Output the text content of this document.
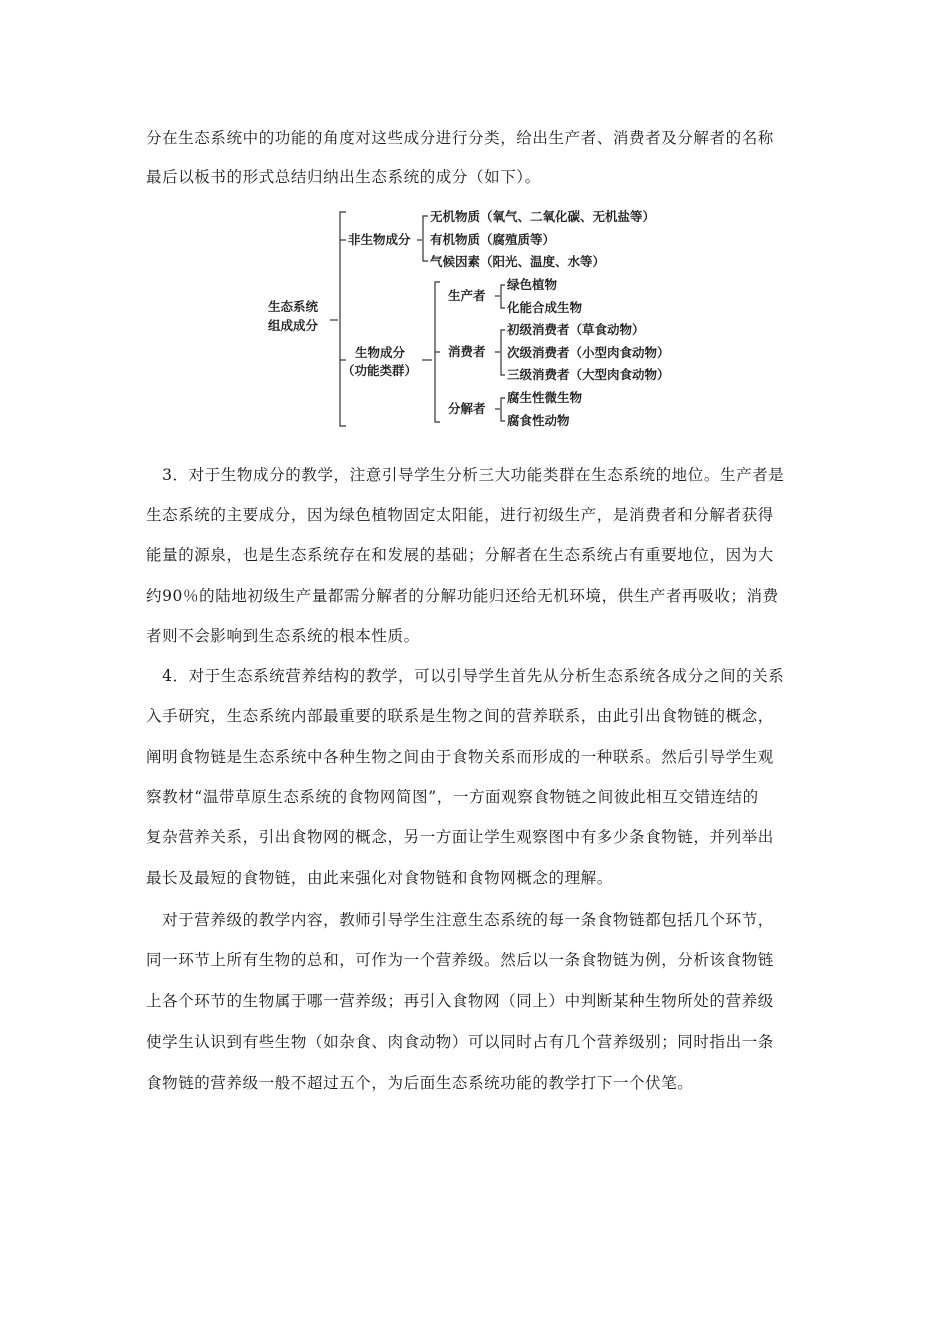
分在生态系统中的功能的角度对这些成分进行分类，给出生产者、消费者及分解者的名称
最后以板书的形式总结归纳出生态系统的成分（如下）。
生态系统
组成成分
非生物成分
无机物质（氧气、二氧化碳、无机盐等）
有机物质（腐殖质等）
气候因素（阳光、温度、水等）
生物成分
（功能类群）
生产者
绿色植物
化能合成生物
消费者
初级消费者（草食动物）
次级消费者（小型肉食动物）
三级消费者（大型肉食动物）
分解者
腐生性微生物
腐食性动物
　3．对于生物成分的教学，注意引导学生分析三大功能类群在生态系统的地位。生产者是
生态系统的主要成分，因为绿色植物固定太阳能，进行初级生产，是消费者和分解者获得
能量的源泉，也是生态系统存在和发展的基础；分解者在生态系统占有重要地位，因为大
约90％的陆地初级生产量都需分解者的分解功能归还给无机环境，供生产者再吸收；消费
者则不会影响到生态系统的根本性质。
　4．对于生态系统营养结构的教学，可以引导学生首先从分析生态系统各成分之间的关系
入手研究，生态系统内部最重要的联系是生物之间的营养联系，由此引出食物链的概念，
阐明食物链是生态系统中各种生物之间由于食物关系而形成的一种联系。然后引导学生观
察教材“温带草原生态系统的食物网简图”，一方面观察食物链之间彼此相互交错连结的
复杂营养关系，引出食物网的概念，另一方面让学生观察图中有多少条食物链，并列举出
最长及最短的食物链，由此来强化对食物链和食物网概念的理解。
　对于营养级的教学内容，教师引导学生注意生态系统的每一条食物链都包括几个环节，
同一环节上所有生物的总和，可作为一个营养级。然后以一条食物链为例，分析该食物链
上各个环节的生物属于哪一营养级；再引入食物网（同上）中判断某种生物所处的营养级
使学生认识到有些生物（如杂食、肉食动物）可以同时占有几个营养级别；同时指出一条
食物链的营养级一般不超过五个，为后面生态系统功能的教学打下一个伏笔。
